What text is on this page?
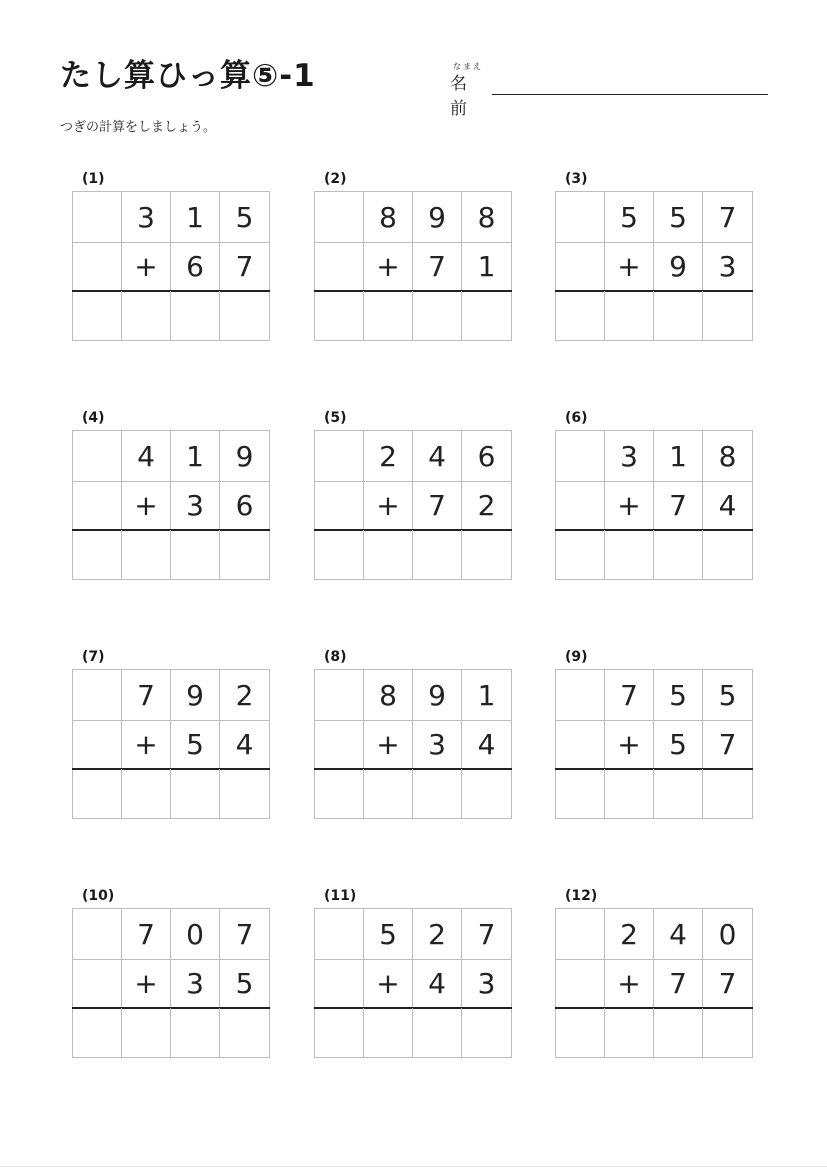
たし算ひっ算⑤-1	なまえ
名前
つぎの計算をしましょう。
(1)
3	1	5
+	6	7
(2)
8	9	8
+	7	1
(3)
5	5	7
+	9	3
(4)
4	1	9
+	3	6
(5)
2	4	6
+	7	2
(6)
3	1	8
+	7	4
(7)
7	9	2
+	5	4
(8)
8	9	1
+	3	4
(9)
7	5	5
+	5	7
(10)
7	0	7
+	3	5
(11)
5	2	7
+	4	3
(12)
2	4	0
+	7	7
